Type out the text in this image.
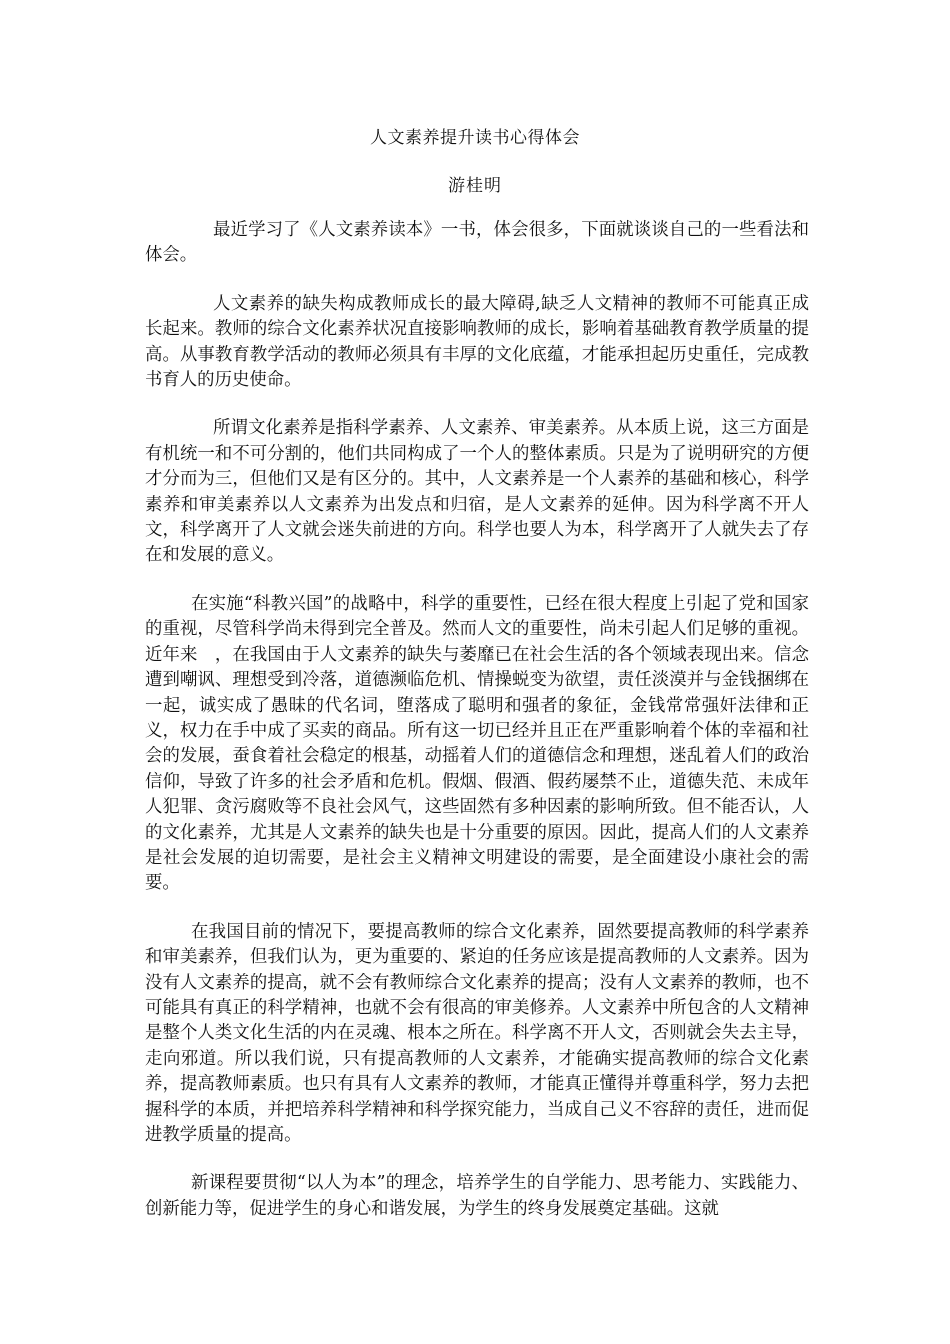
人文素养提升读书心得体会
游桂明

最近学习了《人文素养读本》一书，体会很多，下面就谈谈自己的一些看法和体会。

人文素养的缺失构成教师成长的最大障碍,缺乏人文精神的教师不可能真正成长起来。教师的综合文化素养状况直接影响教师的成长，影响着基础教育教学质量的提高。从事教育教学活动的教师必须具有丰厚的文化底蕴，才能承担起历史重任，完成教书育人的历史使命。

所谓文化素养是指科学素养、人文素养、审美素养。从本质上说，这三方面是有机统一和不可分割的，他们共同构成了一个人的整体素质。只是为了说明研究的方便才分而为三，但他们又是有区分的。其中，人文素养是一个人素养的基础和核心，科学素养和审美素养以人文素养为出发点和归宿，是人文素养的延伸。因为科学离不开人文，科学离开了人文就会迷失前进的方向。科学也要人为本，科学离开了人就失去了存在和发展的意义。

在实施“科教兴国”的战略中，科学的重要性，已经在很大程度上引起了党和国家的重视，尽管科学尚未得到完全普及。然而人文的重要性，尚未引起人们足够的重视。近年来　，在我国由于人文素养的缺失与萎靡已在社会生活的各个领域表现出来。信念遭到嘲讽、理想受到冷落，道德濒临危机、情操蜕变为欲望，责任淡漠并与金钱捆绑在一起，诚实成了愚昧的代名词，堕落成了聪明和强者的象征，金钱常常强奸法律和正义，权力在手中成了买卖的商品。所有这一切已经并且正在严重影响着个体的幸福和社会的发展，蚕食着社会稳定的根基，动摇着人们的道德信念和理想，迷乱着人们的政治信仰，导致了许多的社会矛盾和危机。假烟、假酒、假药屡禁不止，道德失范、未成年人犯罪、贪污腐败等不良社会风气，这些固然有多种因素的影响所致。但不能否认，人的文化素养，尤其是人文素养的缺失也是十分重要的原因。因此，提高人们的人文素养是社会发展的迫切需要，是社会主义精神文明建设的需要，是全面建设小康社会的需要。

在我国目前的情况下，要提高教师的综合文化素养，固然要提高教师的科学素养和审美素养，但我们认为，更为重要的、紧迫的任务应该是提高教师的人文素养。因为没有人文素养的提高，就不会有教师综合文化素养的提高；没有人文素养的教师，也不可能具有真正的科学精神，也就不会有很高的审美修养。人文素养中所包含的人文精神是整个人类文化生活的内在灵魂、根本之所在。科学离不开人文，否则就会失去主导，走向邪道。所以我们说，只有提高教师的人文素养，才能确实提高教师的综合文化素养，提高教师素质。也只有具有人文素养的教师，才能真正懂得并尊重科学，努力去把握科学的本质，并把培养科学精神和科学探究能力，当成自己义不容辞的责任，进而促进教学质量的提高。

新课程要贯彻“以人为本”的理念，培养学生的自学能力、思考能力、实践能力、创新能力等，促进学生的身心和谐发展，为学生的终身发展奠定基础。这就
